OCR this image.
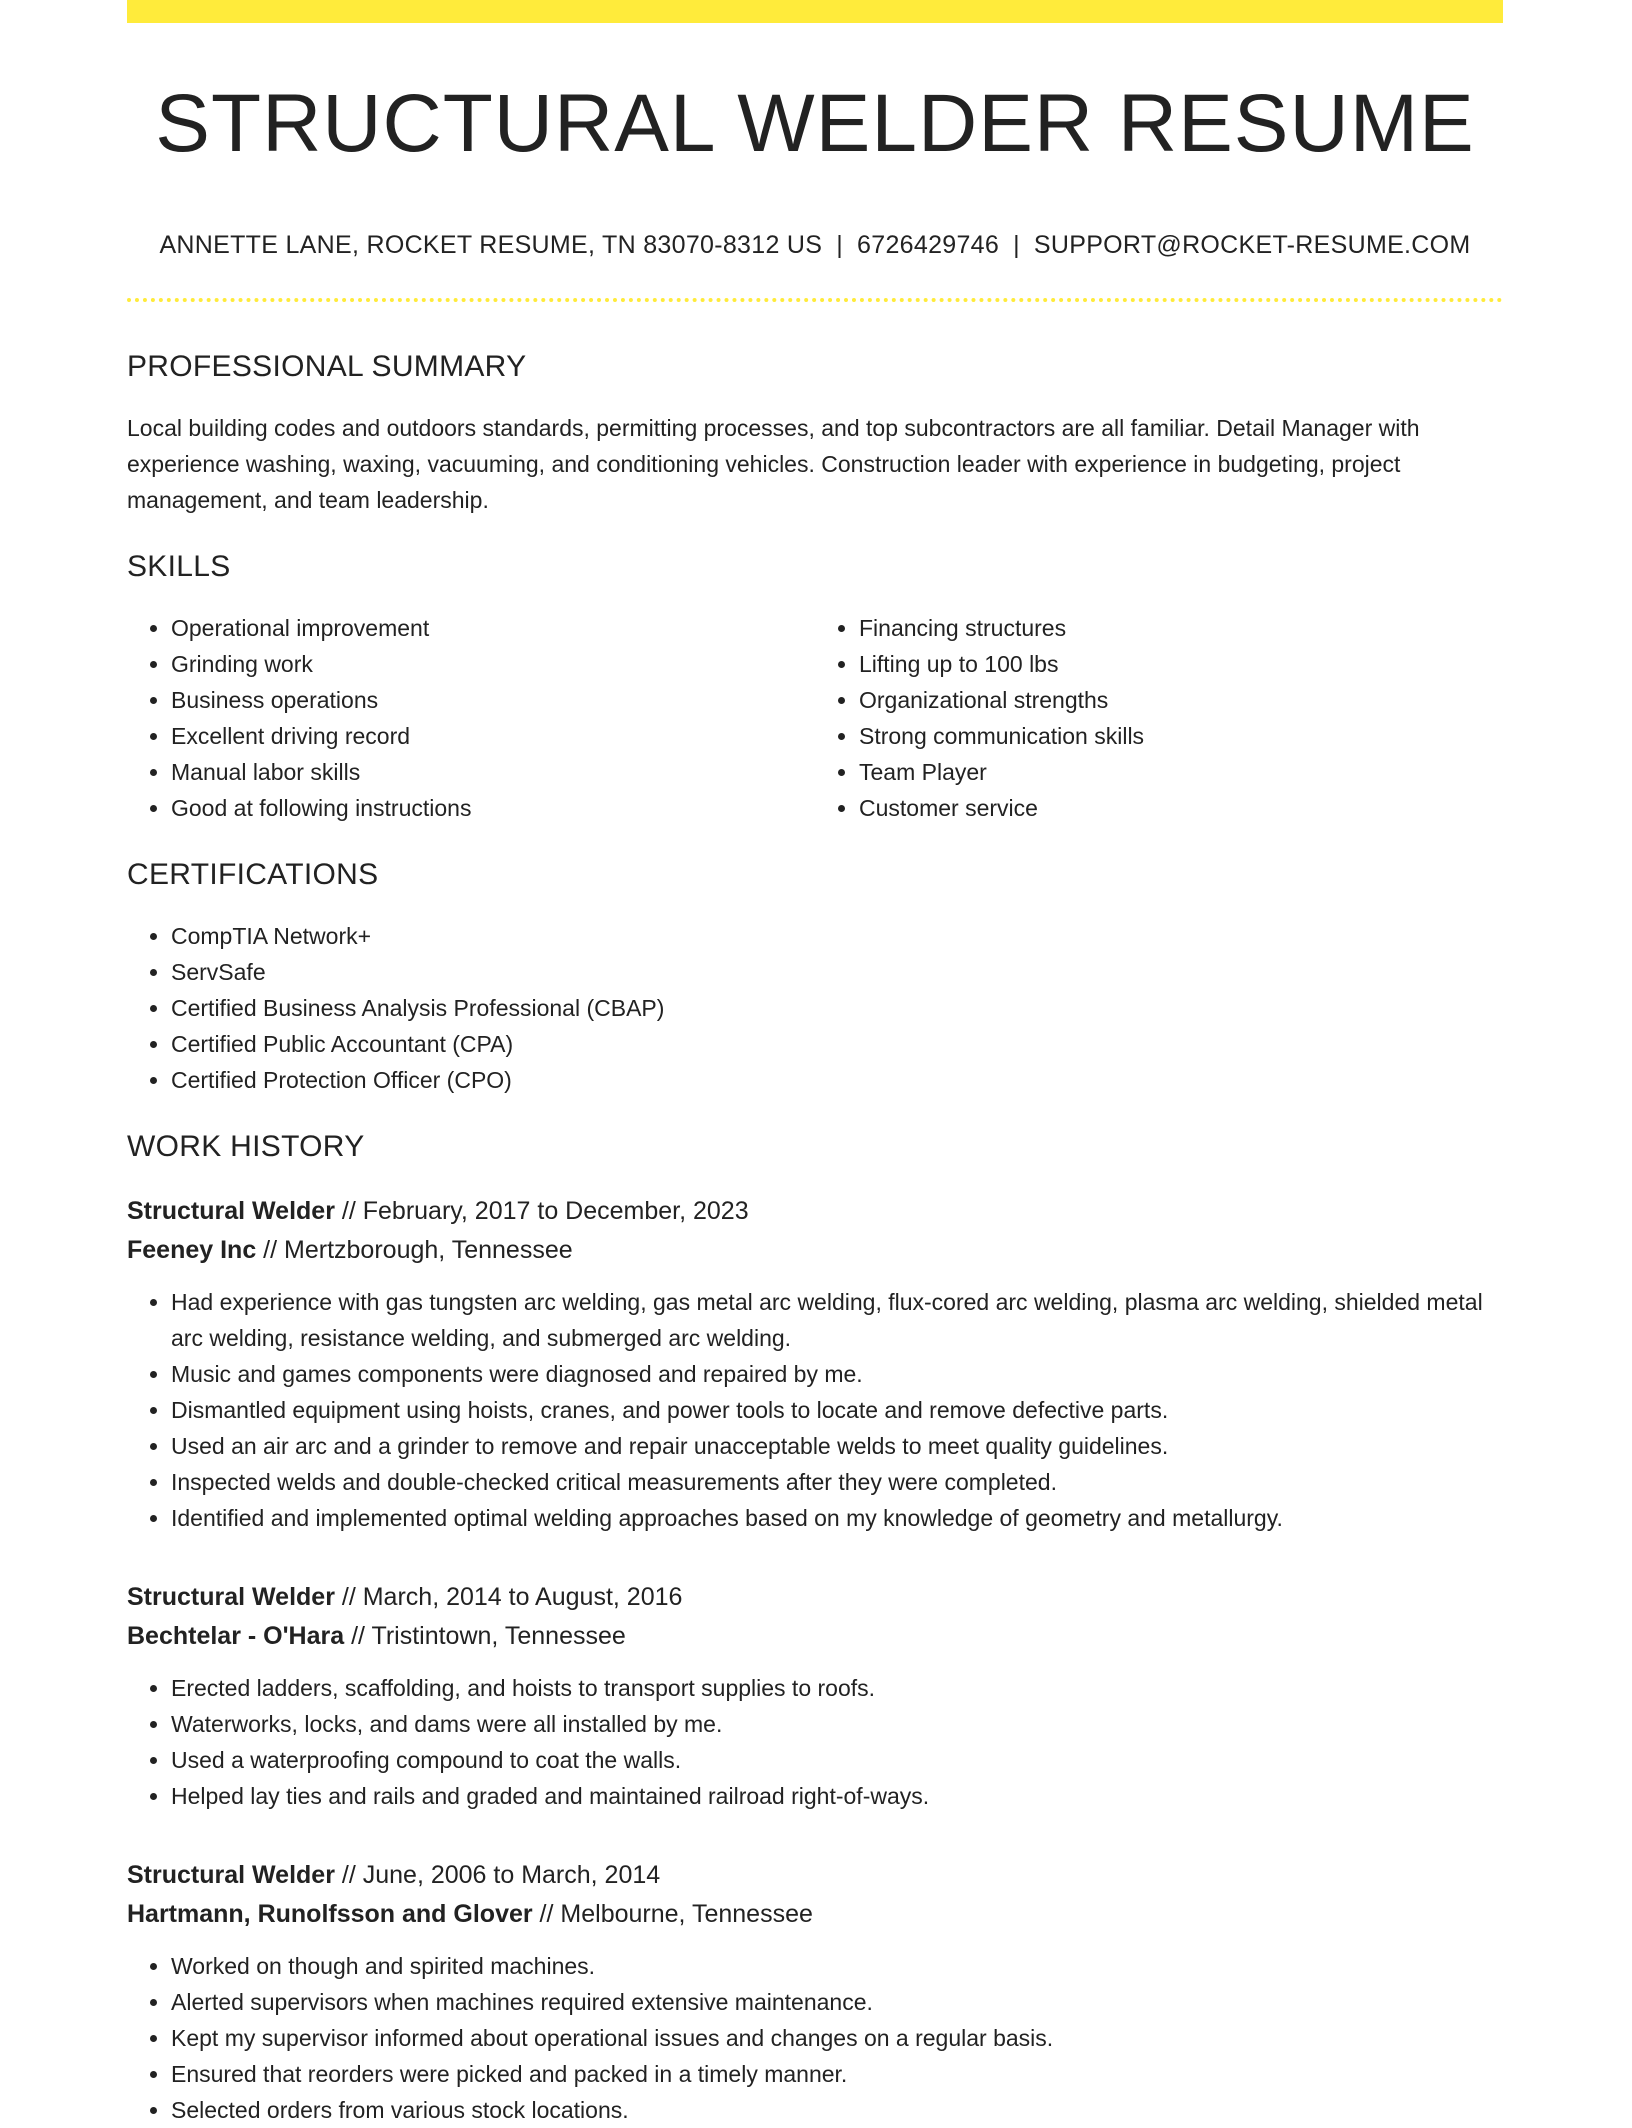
STRUCTURAL WELDER RESUME
ANNETTE LANE, ROCKET RESUME, TN 83070-8312 US | 6726429746 | SUPPORT@ROCKET-RESUME.COM
PROFESSIONAL SUMMARY
Local building codes and outdoors standards, permitting processes, and top subcontractors are all familiar. Detail Manager with experience washing, waxing, vacuuming, and conditioning vehicles. Construction leader with experience in budgeting, project management, and team leadership.
SKILLS
• Operational improvement
• Grinding work
• Business operations
• Excellent driving record
• Manual labor skills
• Good at following instructions
• Financing structures
• Lifting up to 100 lbs
• Organizational strengths
• Strong communication skills
• Team Player
• Customer service
CERTIFICATIONS
• CompTIA Network+
• ServSafe
• Certified Business Analysis Professional (CBAP)
• Certified Public Accountant (CPA)
• Certified Protection Officer (CPO)
WORK HISTORY
Structural Welder // February, 2017 to December, 2023
Feeney Inc // Mertzborough, Tennessee
• Had experience with gas tungsten arc welding, gas metal arc welding, flux-cored arc welding, plasma arc welding, shielded metal arc welding, resistance welding, and submerged arc welding.
• Music and games components were diagnosed and repaired by me.
• Dismantled equipment using hoists, cranes, and power tools to locate and remove defective parts.
• Used an air arc and a grinder to remove and repair unacceptable welds to meet quality guidelines.
• Inspected welds and double-checked critical measurements after they were completed.
• Identified and implemented optimal welding approaches based on my knowledge of geometry and metallurgy.
Structural Welder // March, 2014 to August, 2016
Bechtelar - O'Hara // Tristintown, Tennessee
• Erected ladders, scaffolding, and hoists to transport supplies to roofs.
• Waterworks, locks, and dams were all installed by me.
• Used a waterproofing compound to coat the walls.
• Helped lay ties and rails and graded and maintained railroad right-of-ways.
Structural Welder // June, 2006 to March, 2014
Hartmann, Runolfsson and Glover // Melbourne, Tennessee
• Worked on though and spirited machines.
• Alerted supervisors when machines required extensive maintenance.
• Kept my supervisor informed about operational issues and changes on a regular basis.
• Ensured that reorders were picked and packed in a timely manner.
• Selected orders from various stock locations.
